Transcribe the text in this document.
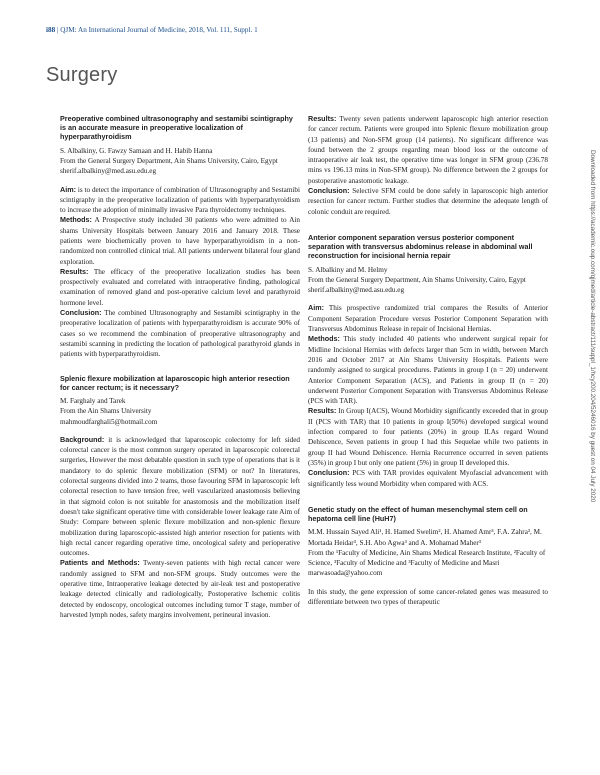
i88 | QJM: An International Journal of Medicine, 2018, Vol. 111, Suppl. 1
Surgery

Preoperative combined ultrasonography and sestamibi scintigraphy is an accurate measure in preoperative localization of hyperparathyroidism

S. Albalkiny, G. Fawzy Samaan and H. Habib Hanna

From the General Surgery Department, Ain Shams University, Cairo, Egypt

sherif.albalkiny@med.asu.edu.eg

Aim: is to detect the importance of combination of Ultrasonography and Sestamibi scintigraphy in the preoperative localization of patients with hyperparathyroidism to increase the adoption of minimally invasive Para thyroidectomy techniques.

Methods: A Prospective study included 30 patients who were admitted to Ain shams University Hospitals between January 2016 and January 2018. These patients were biochemically proven to have hyperparathyroidism in a non-randomized non controlled clinical trial. All patients underwent bilateral four gland exploration.

Results: The efficacy of the preoperative localization studies has been prospectively evaluated and correlated with intraoperative finding, pathological examination of removed gland and post-operative calcium level and parathyroid hormone level.

Conclusion: The combined Ultrasonography and Sestamibi scintigraphy in the preoperative localization of patients with hyperparathyroidism is accurate 90% of cases so we recommend the combination of preoperative ultrasonography and sestamibi scanning in predicting the location of pathological parathyroid glands in patients with hyperparathyroidism.

Splenic flexure mobilization at laparoscopic high anterior resection for cancer rectum; is it necessary?

M. Farghaly and Tarek

From the Ain Shams University

mahmoudfarghali5@hotmail.com

Background: it is acknowledged that laparoscopic colectomy for left sided colorectal cancer is the most common surgery operated in laparoscopic colorectal surgeries, However the most debatable question in such type of operations that is it mandatory to do splenic flexure mobilization (SFM) or not? In literatures, colorectal surgeons divided into 2 teams, those favouring SFM in laparoscopic left colorectal resection to have tension free, well vascularized anastomosis believing in that sigmoid colon is not suitable for anastomosis and the mobilization itself doesn't take significant operative time with considerable lower leakage rate Aim of Study: Compare between splenic flexure mobilization and non-splenic flexure mobilization during laparoscopic-assisted high anterior resection for patients with high rectal cancer regarding operative time, oncological safety and perioperative outcomes.

Patients and Methods: Twenty-seven patients with high rectal cancer were randomly assigned to SFM and non-SFM groups. Study outcomes were the operative time, Intraoperative leakage detected by air-leak test and postoperative leakage detected clinically and radiologically, Postoperative Ischemic colitis detected by endoscopy, oncological outcomes including tumor T stage, number of harvested lymph nodes, safety margins involvement, perineural invasion.

Results: Twenty seven patients underwent laparoscopic high anterior resection for cancer rectum. Patients were grouped into Splenic flexure mobilization group (13 patients) and Non-SFM group (14 patients). No significant difference was found between the 2 groups regarding mean blood loss or the outcome of intraoperative air leak test, the operative time was longer in SFM group (236.78 mins vs 196.13 mins in Non-SFM group). No difference between the 2 groups for postoperative anastomotic leakage.

Conclusion: Selective SFM could be done safely in laparoscopic high anterior resection for cancer rectum. Further studies that determine the adequate length of colonic conduit are required.

Anterior component separation versus posterior component separation with transversus abdominus release in abdominal wall reconstruction for incisional hernia repair

S. Albalkiny and M. Helmy

From the General Surgery Department, Ain Shams University, Cairo, Egypt

sherif.albalkiny@med.asu.edu.eg

Aim: This prospective randomized trial compares the Results of Anterior Component Separation Procedure versus Posterior Component Separation with Transversus Abdominus Release in repair of Incisional Hernias.

Methods: This study included 40 patients who underwent surgical repair for Midline Incisional Hernias with defects larger than 5cm in width, between March 2016 and October 2017 at Ain Shams University Hospitals. Patients were randomly assigned to surgical procedures. Patients in group I (n = 20) underwent Anterior Component Separation (ACS), and Patients in group II (n = 20) underwent Posterior Component Separation with Transversus Abdominus Release (PCS with TAR).

Results: In Group I(ACS), Wound Morbidity significantly exceeded that in group II (PCS with TAR) that 10 patients in group I(50%) developed surgical wound infection compared to four patients (20%) in group II.As regard Wound Dehiscence, Seven patients in group I had this Sequelae while two patients in group II had Wound Dehiscence. Hernia Recurrence occurred in seven patients (35%) in group I but only one patient (5%) in group II developed this.

Conclusion: PCS with TAR provides equivalent Myofascial advancement with significantly less wound Morbidity when compared with ACS.

Genetic study on the effect of human mesenchymal stem cell on hepatoma cell line (HuH7)

M.M. Hussain Sayed Ali¹, H. Hamed Swelim², H. Ahamed Amr³, F.A. Zahra³, M. Mortada Heidar³, S.H. Abo Agwa³ and A. Mohamad Maher³

From the ¹Faculty of Medicine, Ain Shams Medical Research Institute, ²Faculty of Science, ³Faculty of Medicine and ³Faculty of Medicine and Masri

marwasoada@yahoo.com

In this study, the gene expression of some cancer-related genes was measured to differentiate between two types of therapeutic

Downloaded from https://academic.oup.com/qjmed/article-abstract/111/suppl_1/hcy200.204/5246016 by guest on 04 July 2020
